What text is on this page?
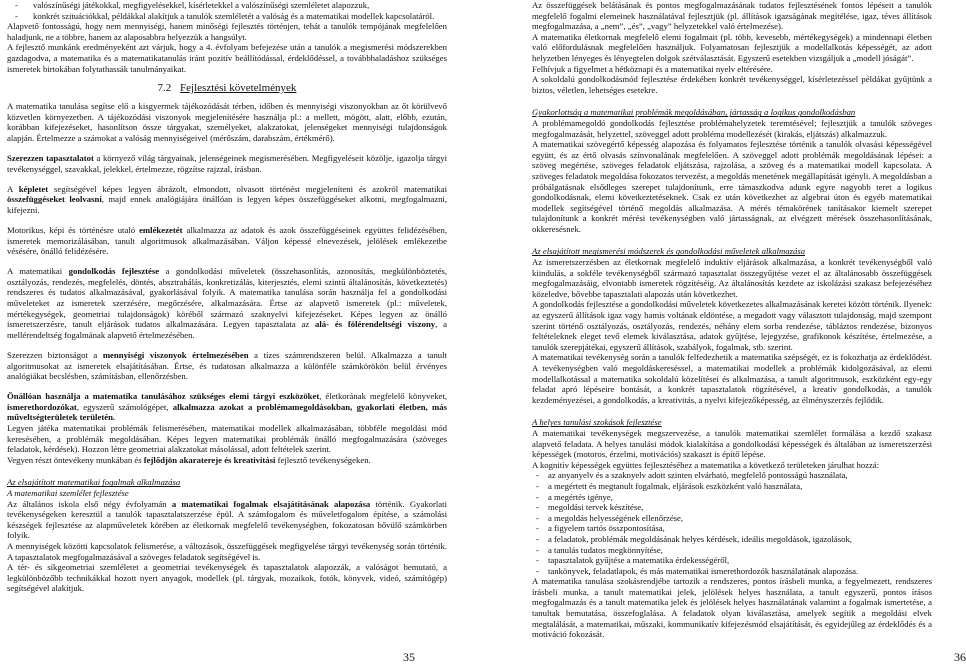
- valószínűségi játékokkal, megfigyelésekkel, kísérletekkel a valószínűségi szemléletet alapozzuk,
- konkrét szituációkkal, példákkal alakítjuk a tanulók szemléletét a valóság és a matematikai modellek kapcsolatáról.

Alapvető fontosságú, hogy nem mennyiségi, hanem minőségi fejlesztés történjen, tehát a tanulók tempójának megfelelően haladjunk, ne a többre, hanem az alaposabbra helyezzük a hangsúlyt.

A fejlesztő munkánk eredményeként azt várjuk, hogy a 4. évfolyam befejezése után a tanulók a megismerési módszerekben gazdagodva, a matematika és a matematikatanulás iránt pozitív beállítódással, érdeklődéssel, a továbbhaladáshoz szükséges ismeretek birtokában folytathassák tanulmányaikat.

7.2 Fejlesztési követelmények

A matematika tanulása segítse elő a kisgyermek tájékozódását térben, időben és mennyiségi viszonyokban az őt körülvevő közvetlen környezetben. A tájékozódási viszonyok megjelenítésére használja pl.: a mellett, mögött, alatt, előbb, ezután, korábban kifejezéseket, hasonlítson össze tárgyakat, személyeket, alakzatokat, jelenségeket mennyiségi tulajdonságok alapján. Értelmezze a számokat a valóság mennyiségeivel (mérőszám, darabszám, értékmérő).

Szerezzen tapasztalatot a környező világ tárgyainak, jelenségeinek megismerésében. Megfigyeléseit közölje, igazolja tárgyi tevékenységgel, szavakkal, jelekkel, értelmezze, rögzítse rajzzal, írásban.

A képletet segítségével képes legyen ábrázolt, elmondott, olvasott történést megjeleníteni és azokról matematikai összefüggéseket leolvasni, majd ennek analógiájára önállóan is legyen képes összefüggéseket alkotni, megfogalmazni, kifejezni.

Motorikus, képi és történésre utaló emlékezetét alkalmazza az adatok és azok összefüggéseinek együttes felidézésében, ismeretek memorizálásában, tanult algoritmusok alkalmazásában. Váljon képessé elnevezések, jelölések emlékezetbe vésésére, önálló felidézésére.

A matematikai gondolkodás fejlesztése a gondolkodási műveletek (összehasonlítás, azonosítás, megkülönböztetés, osztályozás, rendezés, megfelelés, döntés, absztrahálás, konkretizálás, kiterjesztés, elemi szintű általánosítás, következtetés) rendszeres és tudatos alkalmazásával, gyakorlásával folyik. A matematika tanulása során használja fel a gondolkodási műveleteket az ismeretek szerzésére, megőrzésére, alkalmazására. Értse az alapvető ismeretek (pl.: műveletek, mértékegységek, geometriai tulajdonságok) köréből származó szaknyelvi kifejezéseket. Képes legyen az önálló ismeretszerzésre, tanult eljárások tudatos alkalmazására. Legyen tapasztalata az alá- és fölérendeltségi viszony, a mellérendeltség fogalmának alapvető értelmezésében.

Szerezzen biztonságot a mennyiségi viszonyok értelmezésében a tízes számrendszeren belül. Alkalmazza a tanult algoritmusokat az ismeretek elsajátításában. Értse, és tudatosan alkalmazza a különféle számkörökön belül érvényes analógiákat becslésben, számításban, ellenőrzésben.

Önállóan használja a matematika tanulásához szükséges elemi tárgyi eszközöket, életkorának megfelelő könyveket, ismerethordozókat, egyszerű számológépet, alkalmazza azokat a problémamegoldásokban, gyakorlati életben, más műveltségterületek területén.

Legyen játéka matematikai problémák felismerésében, matematikai modellek alkalmazásában, többféle megoldási mód keresésében, a problémák megoldásában. Képes legyen matematikai problémák önálló megfogalmazására (szöveges feladatok, kérdések). Hozzon létre geometriai alakzatokat másolással, adott feltételek szerint.

Vegyen részt öntevékeny munkában és fejlődjön akaratereje és kreativitási fejlesztő tevékenységeken.

Az elsajátított matematikai fogalmak alkalmazása
A matematikai szemlélet fejlesztése

Az általános iskola első négy évfolyamán a matematikai fogalmak elsajátításának alapozása történik. Gyakorlati tevékenységeken keresztül a tanulók tapasztalatszerzése épül. A számfogalom és műveletfogalom építése, a számolási készségek fejlesztése az alapműveletek körében az életkornak megfelelő tevékenységben, fokozatosan bővülő számkörben folyik.

A mennyiségek közötti kapcsolatok felismerése, a változások, összefüggések megfigyelése tárgyi tevékenység során történik. A tapasztalatok megfogalmazásával a szöveges feladatok segítségével is.

A tér- és síkgeometriai szemléletet a geometriai tevékenységek és tapasztalatok alapozzák, a valóságot bemutató, a legkülönbözőbb technikákkal hozott nyert anyagok, modellek (pl. tárgyak, mozaikok, fotók, könyvek, videó, számítógép) segítségével alakítjuk.

35

Az összefüggések belátásának és pontos megfogalmazásának tudatos fejlesztésének fontos lépéseit a tanulók megfelelő fogalmi elemeinek használatával fejlesztjük (pl. állítások igazságának megítélése, igaz, téves állítások megfogalmazása, a „nem”, „és”, „vagy” helyzetekkel való értelmezése).

A matematika életkornak megfelelő elemi fogalmait (pl. több, kevesebb, mértékegységek) a mindennapi életben való előfordulásnak megfelelően használjuk. Folyamatosan fejlesztjük a modellalkotás képességét, az adott helyzetben lényeges és lényegtelen dolgok szétválasztását. Egyszerű esetekben vizsgáljuk a „modell jóságát”.

Felhívjuk a figyelmet a hétköznapi és a matematikai nyelv eltérésére.

A sokoldalú gondolkodásmód fejlesztése érdekében konkrét tevékenységgel, kísérletezéssel példákat gyűjtünk a biztos, véletlen, lehetséges esetekre.

Gyakorlottság a matematikai problémák megoldásában, jártasság a logikus gondolkodásban

A problémamegoldó gondolkodás fejlesztése problémahelyzetek teremtésével; fejlesztjük a tanulók szöveges megfogalmazását, helyzettel, szöveggel adott probléma modellezését (kirakás, eljátszás) alkalmazzuk.

A matematikai szövegértő képesség alapozása és folyamatos fejlesztése történik a tanulók olvasási képességével együtt, és az értő olvasás színvonalának megfelelően. A szöveggel adott problémák megoldásának lépései: a szöveg megértése, szöveges feladatok eljátszása, rajzolása, a szöveg és a matematikai modell kapcsolata. A szöveges feladatok megoldása fokozatos tervezést, a megoldás menetének megállapítását igényli. A megoldásban a próbálgatásnak elsődleges szerepet tulajdonítunk, erre támaszkodva adunk egyre nagyobb teret a logikus gondolkodásnak, elemi következtetéseknek. Csak ez után következhet az algebrai úton és egyéb matematikai modellek segítségével történő megoldás alkalmazása. A mérés témakörének tanításakor kiemelt szerepet tulajdonítunk a konkrét mérési tevékenységben való jártasságnak, az elvégzett mérések összehasonlításának, okkeresésnek.

Az elsajátított megismerési módszerek és gondolkodási műveletek alkalmazása

Az ismeretszerzésben az életkornak megfelelő induktív eljárások alkalmazása, a konkrét tevékenységből való kiindulás, a sokféle tevékenységből származó tapasztalat összegyűjtése vezet el az általánosabb összefüggések megfogalmazásáig, elvontabb ismeretek rögzítéséig. Az általánosítás kezdete az iskolázási szakasz befejezéséhez közeledve, bővebbe tapasztalati alapozás után következhet.

A gondolkodás fejlesztése a gondolkodási műveletek következetes alkalmazásának keretei között történik. Ilyenek: az egyszerű állítások igaz vagy hamis voltának eldöntése, a megadott vagy választott tulajdonság, majd szempont szerint történő osztályozás, osztályozás, rendezés, néhány elem sorba rendezése, tábláztos rendezése, bizonyos feltételeknek eleget tevő elemek kiválasztása, adatok gyűjtése, lejegyzése, grafikonok készítése, értelmezése, a tanulók szerepjátékai, egyszerű állítások, szabályok, fogalmak, stb. szerint.

A matematikai tevékenység során a tanulók felfedezhetik a matematika szépségét, ez is fokozhatja az érdeklődést. A tevékenységben való megoldáskereséssel, a matematikai modellek a problémák kidolgozásával, az elemi modellalkotással a matematika sokoldalú közelítései és alkalmazása, a tanult algoritmusok, eszközként egy-egy feladat apró lépéseire bontását, a konkrét tapasztalatok rögzítésével, a kreatív gondolkodás, a tanulók kezdeményezései, a gondolkodás, a kreativitás, a nyelvi kifejezőképesség, az élményszerzés fejlődik.

A helyes tanulási szokások fejlesztése

A matematikai tevékenységek megszervezése, a tanulók matematikai szemlélet formálása a kezdő szakasz alapvető feladata. A helyes tanulási módok kialakítása a gondolkodási képességek és általában az ismeretszerzési képességek (motoros, érzelmi, motivációs) szakaszt is építő lépése.

A kognitív képességek együttes fejlesztéséhez a matematika a következő területeken járulhat hozzá:

- az anyanyelv és a szaknyelv adott szinten elvárható, megfelelő pontosságú használata,
- a megértett és megtanult fogalmak, eljárások eszközként való használata,
- a megértés igénye,
- megoldási tervek készítése,
- a megoldás helyességének ellenőrzése,
- a figyelem tartós összpontosítása,
- a feladatok, problémák megoldásának helyes kérdések, ideális megoldások, igazolások,
- a tanulás tudatos megkönnyítése,
- tapasztalatok gyűjtése a matematika érdekességéről,
- tankönyvek, feladatlapok, és más matematikai ismerethordozók használatának alapozása.

A matematika tanulása szokásrendjébe tartozik a rendszeres, pontos írásbeli munka, a fegyelmezett, rendszeres írásbeli munka, a tanult matematikai jelek, jelölések helyes használata, a tanult egyszerű, pontos írásos megfogalmazás és a tanult matematika jelek és jelölések helyes használatának valamint a fogalmak ismertetése, a tanultak bemutatása, összefoglalása. A feladatok olyan kiválasztása, amelyek segítik a megoldási elvek megtalálását, a matematikai, műszaki, kommunikatív kifejezésmód elsajátítását, és egyidejűleg az érdeklődés és a motiváció fokozását.

36
